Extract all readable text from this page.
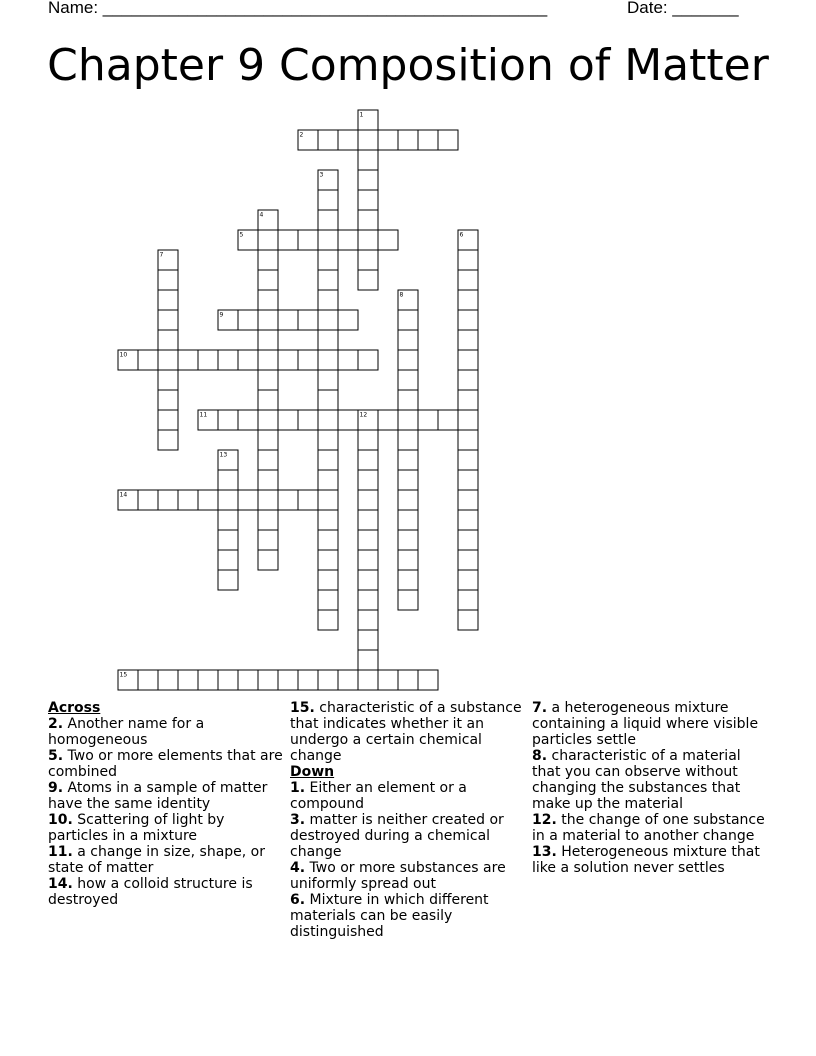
Name: _______________________________________________	Date: _______
Chapter 9 Composition of Matter
1
2
3
4
5	6
7
8
9
10
11	12
13
14
15
Across
2. Another name for a homogeneous
5. Two or more elements that are combined
9. Atoms in a sample of matter have the same identity
10. Scattering of light by particles in a mixture
11. a change in size, shape, or state of matter
14. how a colloid structure is destroyed
15. characteristic of a substance that indicates whether it an undergo a certain chemical change
Down
1. Either an element or a compound
3. matter is neither created or destroyed during a chemical change
4. Two or more substances are uniformly spread out
6. Mixture in which different materials can be easily distinguished
7. a heterogeneous mixture containing a liquid where visible particles settle
8. characteristic of a material that you can observe without changing the substances that make up the material
12. the change of one substance in a material to another change
13. Heterogeneous mixture that like a solution never settles
